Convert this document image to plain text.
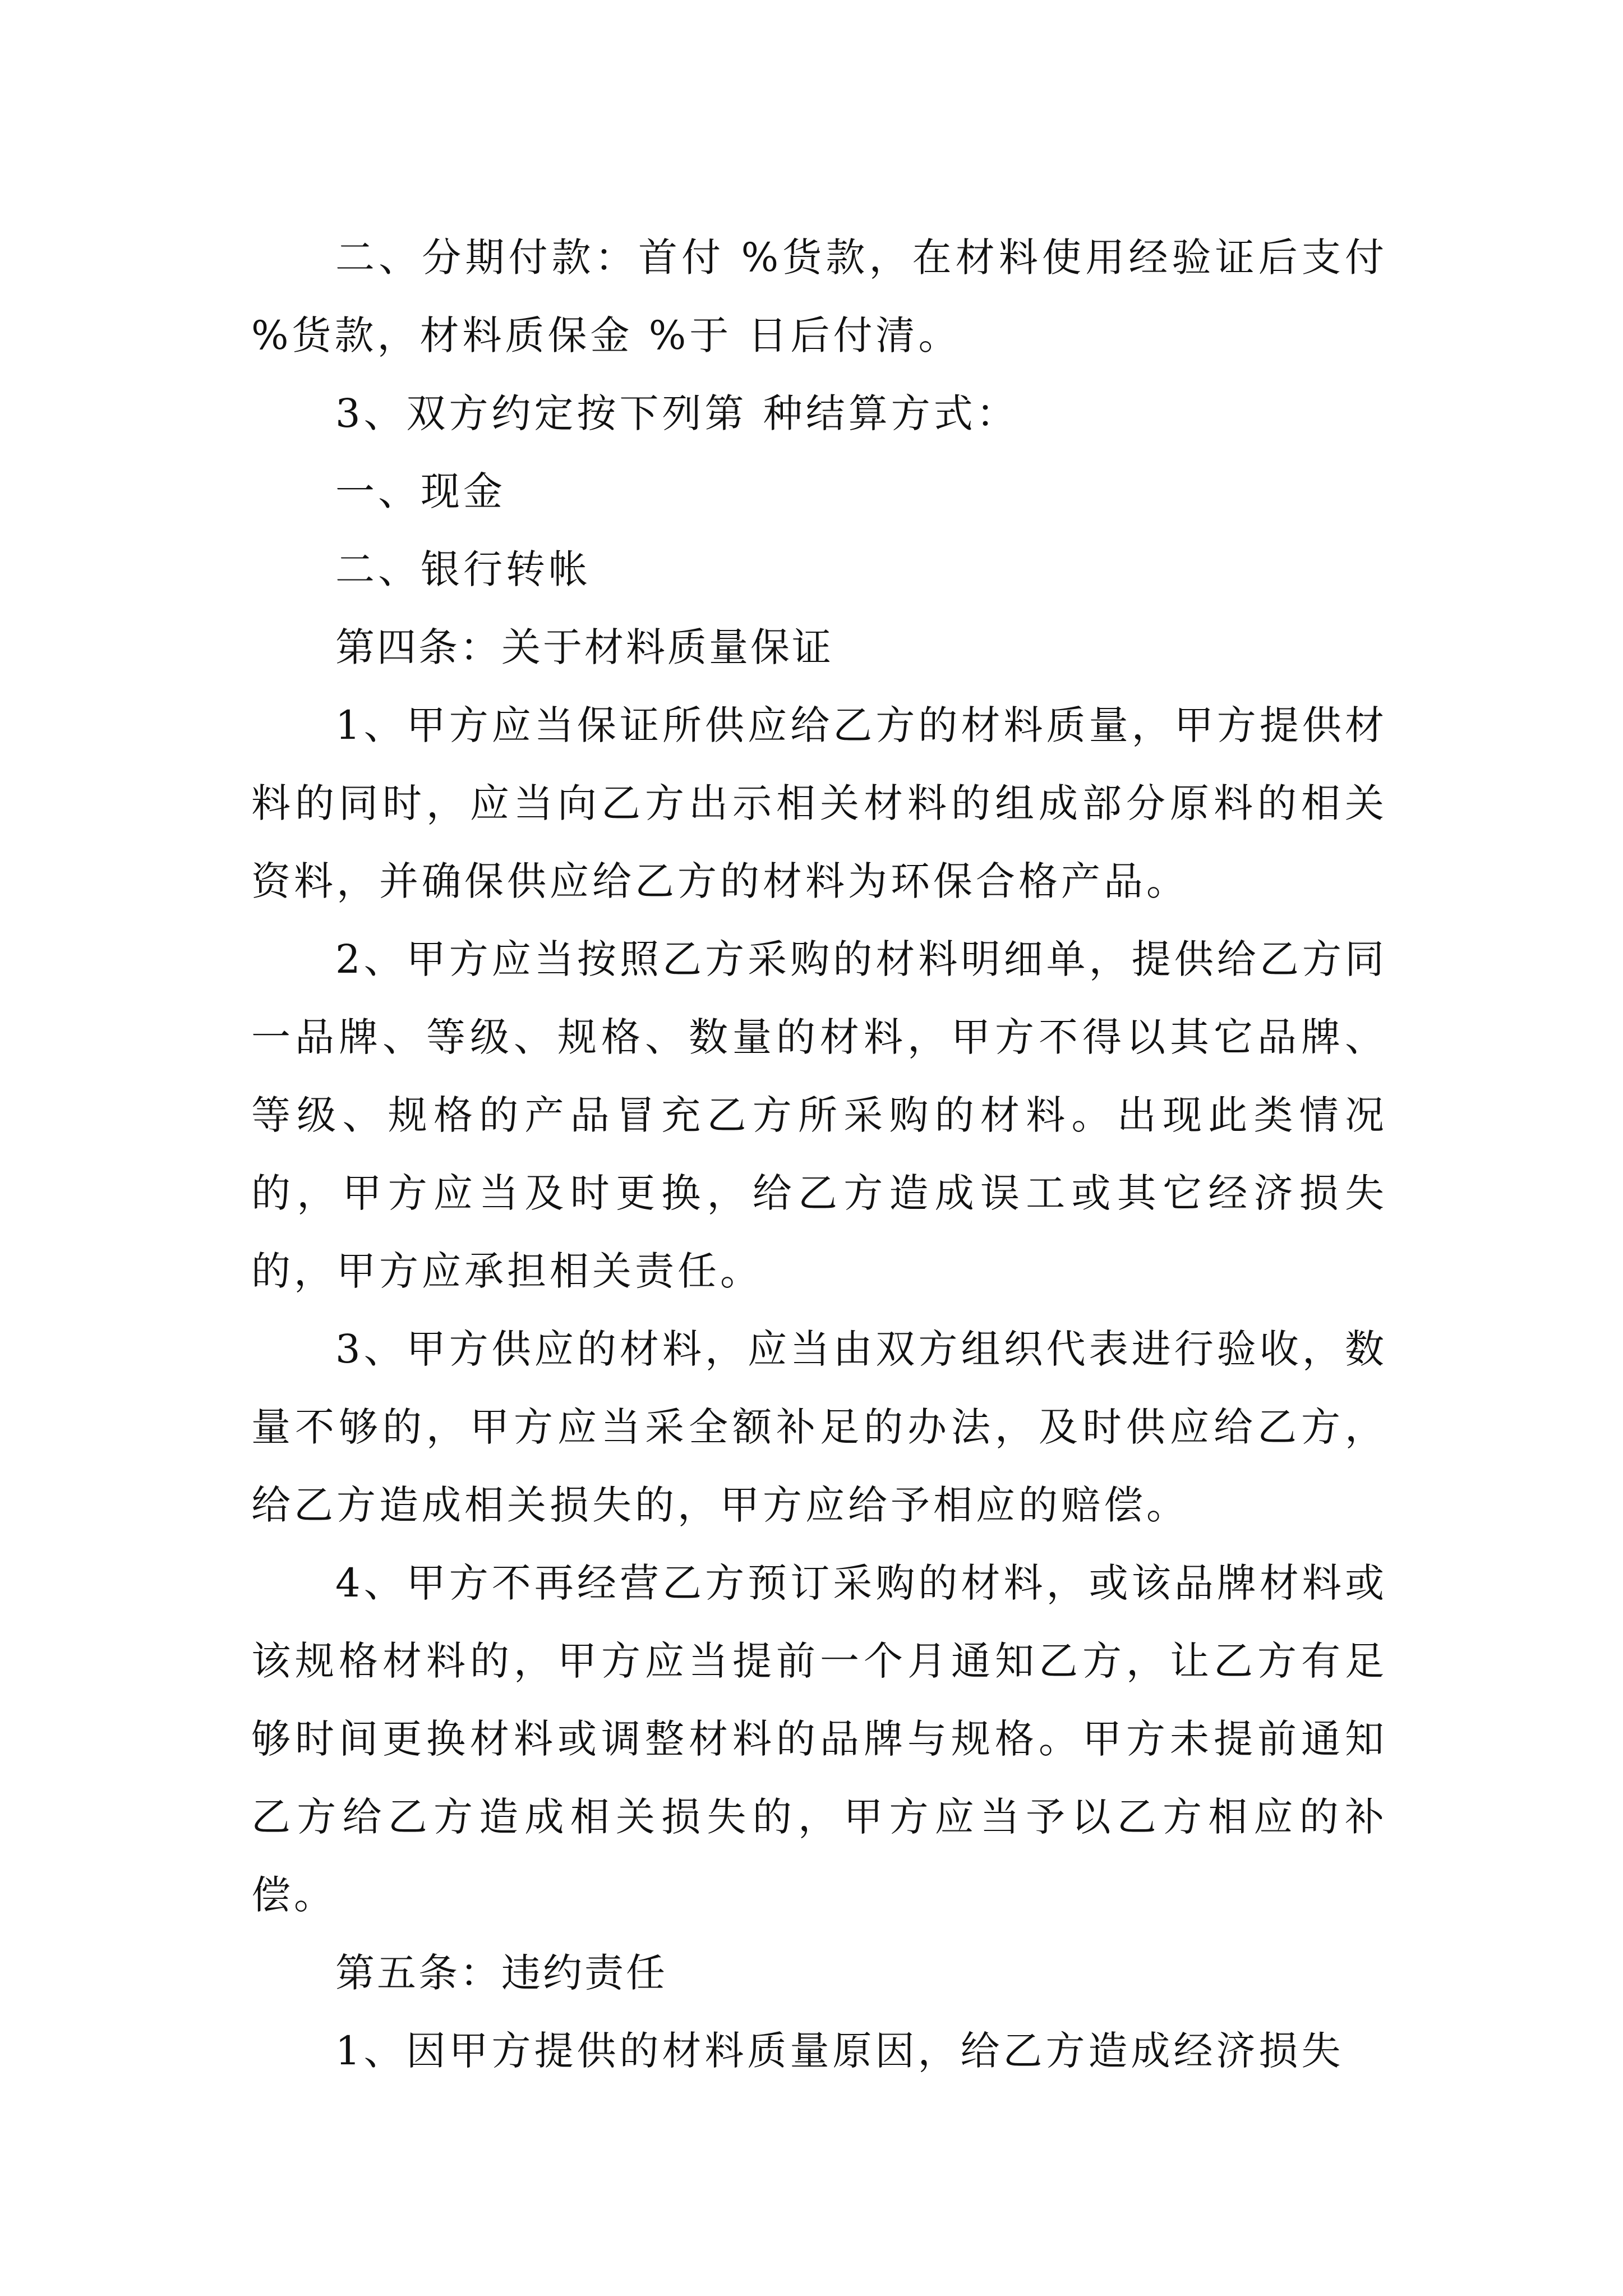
二、分期付款：首付 %货款，在材料使用经验证后支付 %货款，材料质保金 %于 日后付清。

3、双方约定按下列第 种结算方式：

一、现金

二、银行转帐

第四条：关于材料质量保证

1、甲方应当保证所供应给乙方的材料质量，甲方提供材料的同时，应当向乙方出示相关材料的组成部分原料的相关资料，并确保供应给乙方的材料为环保合格产品。

2、甲方应当按照乙方采购的材料明细单，提供给乙方同一品牌、等级、规格、数量的材料，甲方不得以其它品牌、等级、规格的产品冒充乙方所采购的材料。出现此类情况的，甲方应当及时更换，给乙方造成误工或其它经济损失的，甲方应承担相关责任。

3、甲方供应的材料，应当由双方组织代表进行验收，数量不够的，甲方应当采全额补足的办法，及时供应给乙方，给乙方造成相关损失的，甲方应给予相应的赔偿。

4、甲方不再经营乙方预订采购的材料，或该品牌材料或该规格材料的，甲方应当提前一个月通知乙方，让乙方有足够时间更换材料或调整材料的品牌与规格。甲方未提前通知乙方给乙方造成相关损失的，甲方应当予以乙方相应的补偿。

第五条：违约责任

1、因甲方提供的材料质量原因，给乙方造成经济损失
